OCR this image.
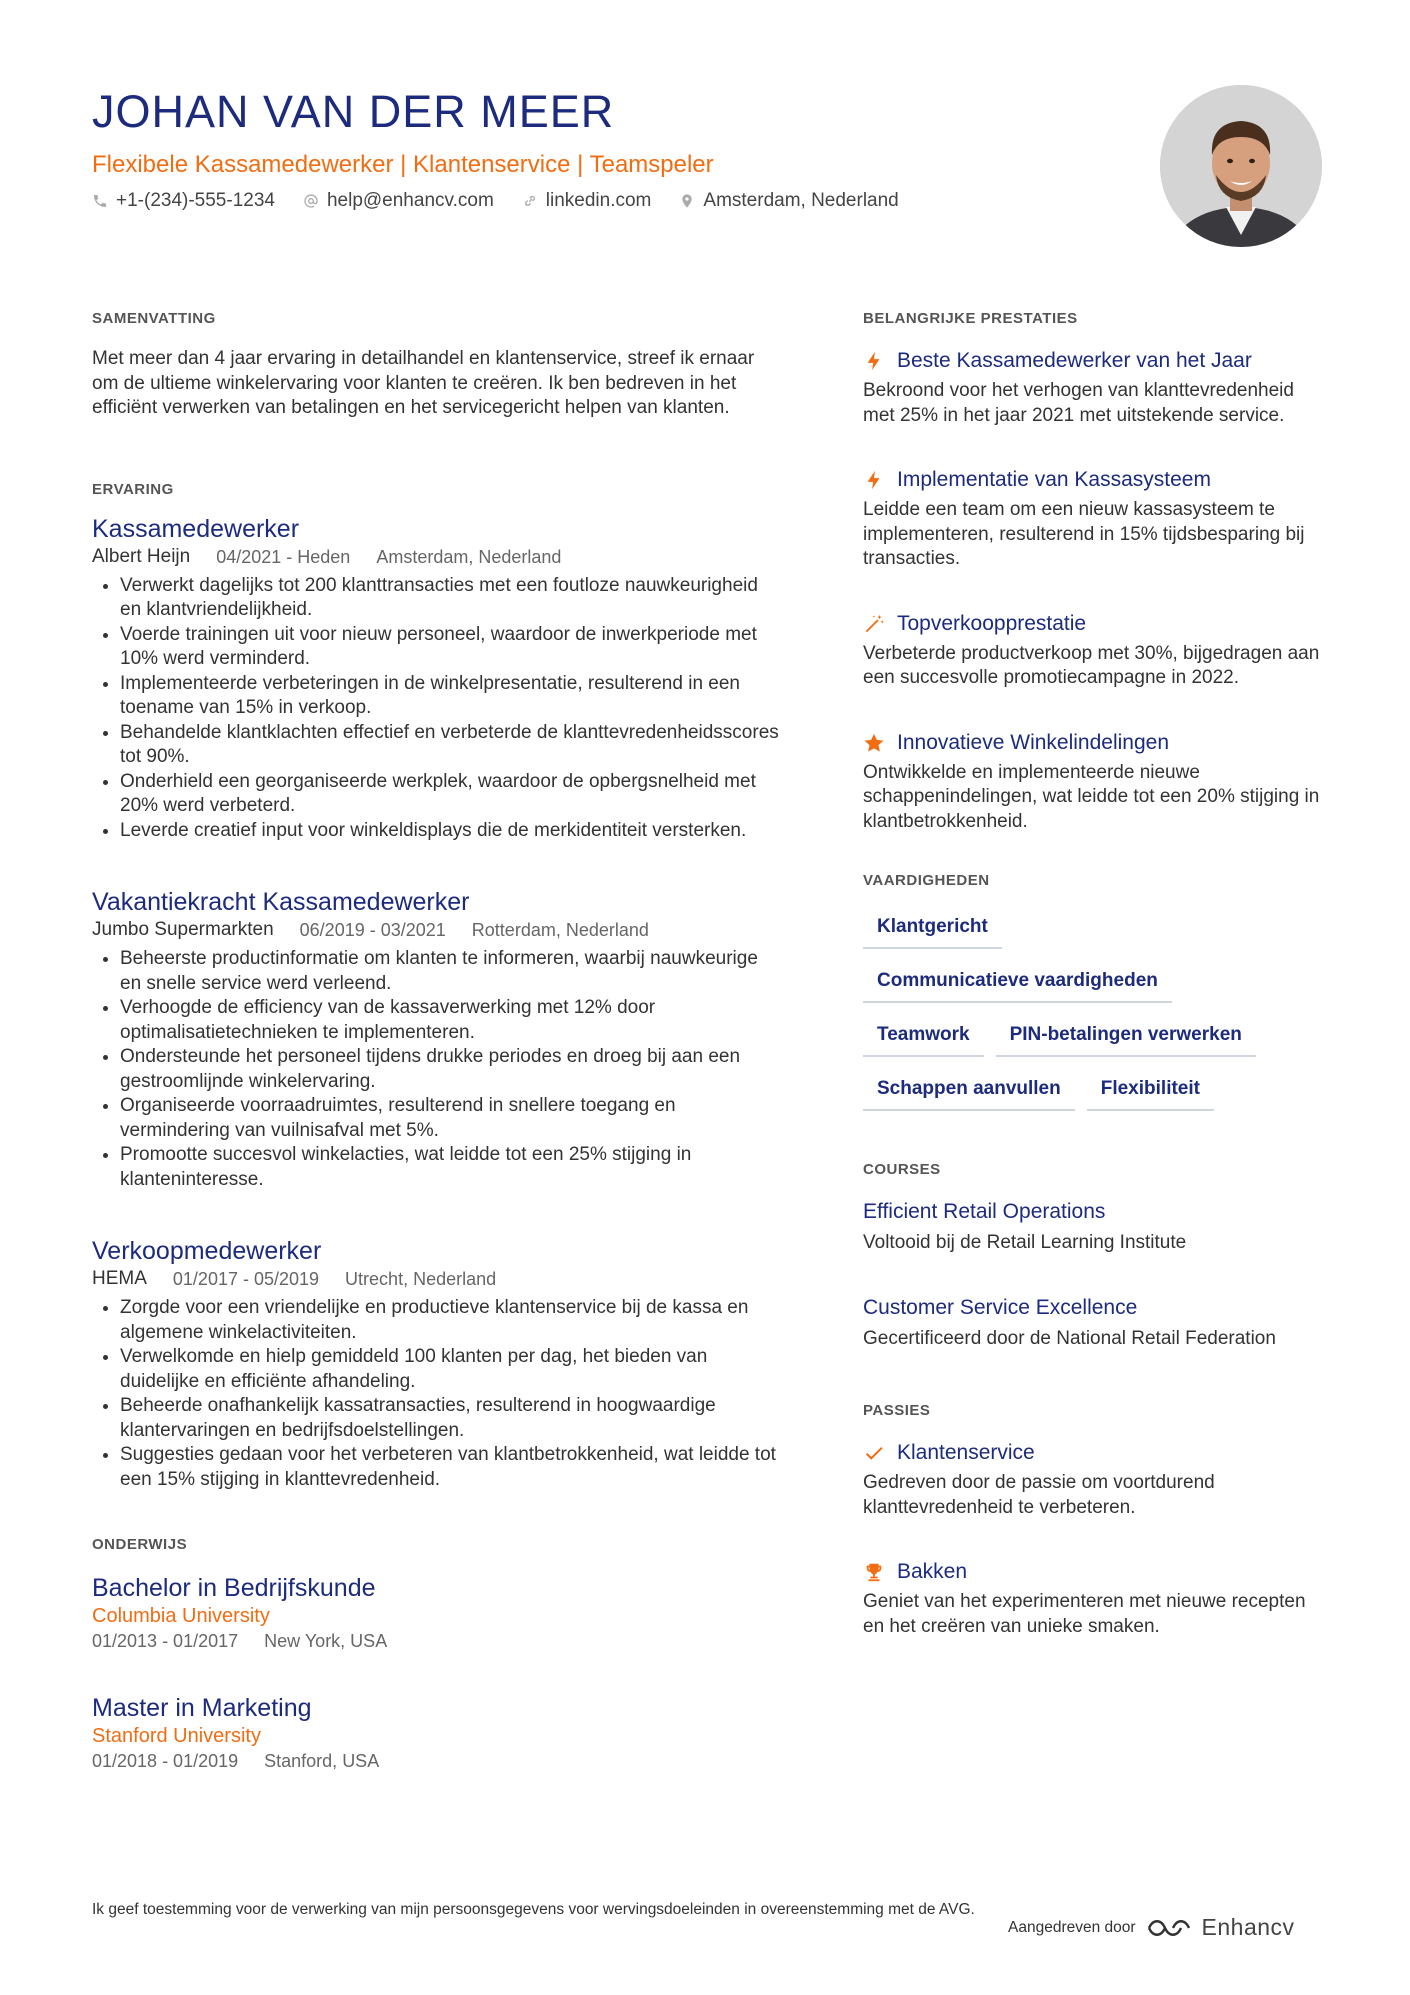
JOHAN VAN DER MEER
Flexibele Kassamedewerker | Klantenservice | Teamspeler
+1-(234)-555-1234	help@enhancv.com	linkedin.com	Amsterdam, Nederland
SAMENVATTING

Met meer dan 4 jaar ervaring in detailhandel en klantenservice, streef ik ernaar om de ultieme winkelervaring voor klanten te creëren. Ik ben bedreven in het efficiënt verwerken van betalingen en het servicegericht helpen van klanten.

ERVARING
Kassamedewerker
Albert Heijn 04/2021 - Heden Amsterdam, Nederland
• Verwerkt dagelijks tot 200 klanttransacties met een foutloze nauwkeurigheid en klantvriendelijkheid.
• Voerde trainingen uit voor nieuw personeel, waardoor de inwerkperiode met 10% werd verminderd.
• Implementeerde verbeteringen in de winkelpresentatie, resulterend in een toename van 15% in verkoop.
• Behandelde klantklachten effectief en verbeterde de klanttevredenheidsscores tot 90%.
• Onderhield een georganiseerde werkplek, waardoor de opbergsnelheid met 20% werd verbeterd.
• Leverde creatief input voor winkeldisplays die de merkidentiteit versterken.
Vakantiekracht Kassamedewerker
Jumbo Supermarkten 06/2019 - 03/2021 Rotterdam, Nederland
• Beheerste productinformatie om klanten te informeren, waarbij nauwkeurige en snelle service werd verleend.
• Verhoogde de efficiency van de kassaverwerking met 12% door optimalisatietechnieken te implementeren.
• Ondersteunde het personeel tijdens drukke periodes en droeg bij aan een gestroomlijnde winkelervaring.
• Organiseerde voorraadruimtes, resulterend in snellere toegang en vermindering van vuilnisafval met 5%.
• Promootte succesvol winkelacties, wat leidde tot een 25% stijging in klanteninteresse.
Verkoopmedewerker
HEMA 01/2017 - 05/2019 Utrecht, Nederland
• Zorgde voor een vriendelijke en productieve klantenservice bij de kassa en algemene winkelactiviteiten.
• Verwelkomde en hielp gemiddeld 100 klanten per dag, het bieden van duidelijke en efficiënte afhandeling.
• Beheerde onafhankelijk kassatransacties, resulterend in hoogwaardige klantervaringen en bedrijfsdoelstellingen.
• Suggesties gedaan voor het verbeteren van klantbetrokkenheid, wat leidde tot een 15% stijging in klanttevredenheid.
ONDERWIJS
Bachelor in Bedrijfskunde
Columbia University
01/2013 - 01/2017 New York, USA
Master in Marketing
Stanford University
01/2018 - 01/2019 Stanford, USA
BELANGRIJKE PRESTATIES
Beste Kassamedewerker van het Jaar
Bekroond voor het verhogen van klanttevredenheid met 25% in het jaar 2021 met uitstekende service.
Implementatie van Kassasysteem
Leidde een team om een nieuw kassasysteem te implementeren, resulterend in 15% tijdsbesparing bij transacties.
Topverkoopprestatie
Verbeterde productverkoop met 30%, bijgedragen aan een succesvolle promotiecampagne in 2022.
Innovatieve Winkelindelingen
Ontwikkelde en implementeerde nieuwe schappenindelingen, wat leidde tot een 20% stijging in klantbetrokkenheid.
VAARDIGHEDEN
Klantgericht
Communicatieve vaardigheden
Teamwork	PIN-betalingen verwerken
Schappen aanvullen	Flexibiliteit
COURSES
Efficient Retail Operations
Voltooid bij de Retail Learning Institute
Customer Service Excellence
Gecertificeerd door de National Retail Federation
PASSIES
Klantenservice
Gedreven door de passie om voortdurend klanttevredenheid te verbeteren.
Bakken
Geniet van het experimenteren met nieuwe recepten en het creëren van unieke smaken.
Ik geef toestemming voor de verwerking van mijn persoonsgegevens voor wervingsdoeleinden in overeenstemming met de AVG.
Aangedreven door	Enhancv
